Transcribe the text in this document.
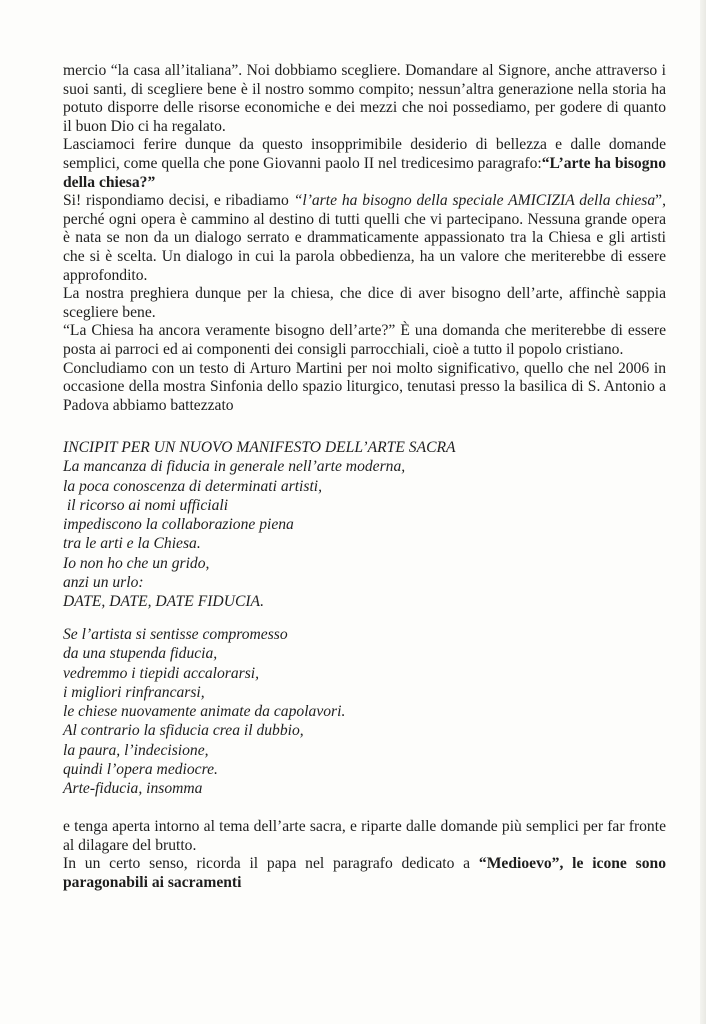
mercio “la casa all’italiana”. Noi dobbiamo scegliere. Domandare al Signore, anche attraverso i suoi santi, di scegliere bene è il nostro sommo compito; nessun’altra generazione nella storia ha potuto disporre delle risorse economiche e dei mezzi che noi possediamo, per godere di quanto il buon Dio ci ha regalato.

Lasciamoci ferire dunque da questo insopprimibile desiderio di bellezza e dalle domande semplici, come quella che pone Giovanni paolo II nel tredicesimo paragrafo:“L’arte ha bisogno della chiesa?”

Si! rispondiamo decisi, e ribadiamo “l’arte ha bisogno della speciale AMICIZIA della chiesa”, perché ogni opera è cammino al destino di tutti quelli che vi partecipano. Nessuna grande opera è nata se non da un dialogo serrato e drammaticamente appassionato tra la Chiesa e gli artisti che si è scelta. Un dialogo in cui la parola obbedienza, ha un valore che meriterebbe di essere approfondito.

La nostra preghiera dunque per la chiesa, che dice di aver bisogno dell’arte, affinchè sappia scegliere bene.

“La Chiesa ha ancora veramente bisogno dell’arte?” È una domanda che meriterebbe di essere posta ai parroci ed ai componenti dei consigli parrocchiali, cioè a tutto il popolo cristiano.

Concludiamo con un testo di Arturo Martini per noi molto significativo, quello che nel 2006 in occasione della mostra Sinfonia dello spazio liturgico, tenutasi presso la basilica di S. Antonio a Padova abbiamo battezzato

INCIPIT PER UN NUOVO MANIFESTO DELL’ARTE SACRA
La mancanza di fiducia in generale nell’arte moderna,
la poca conoscenza di determinati artisti,
il ricorso ai nomi ufficiali
impediscono la collaborazione piena
tra le arti e la Chiesa.
Io non ho che un grido,
anzi un urlo:
DATE, DATE, DATE FIDUCIA.
Se l’artista si sentisse compromesso
da una stupenda fiducia,
vedremmo i tiepidi accalorarsi,
i migliori rinfrancarsi,
le chiese nuovamente animate da capolavori.
Al contrario la sfiducia crea il dubbio,
la paura, l’indecisione,
quindi l’opera mediocre.
Arte-fiducia, insomma

e tenga aperta intorno al tema dell’arte sacra, e riparte dalle domande più semplici per far fronte al dilagare del brutto.

In un certo senso, ricorda il papa nel paragrafo dedicato a “Medioevo”, le icone sono paragonabili ai sacramenti
